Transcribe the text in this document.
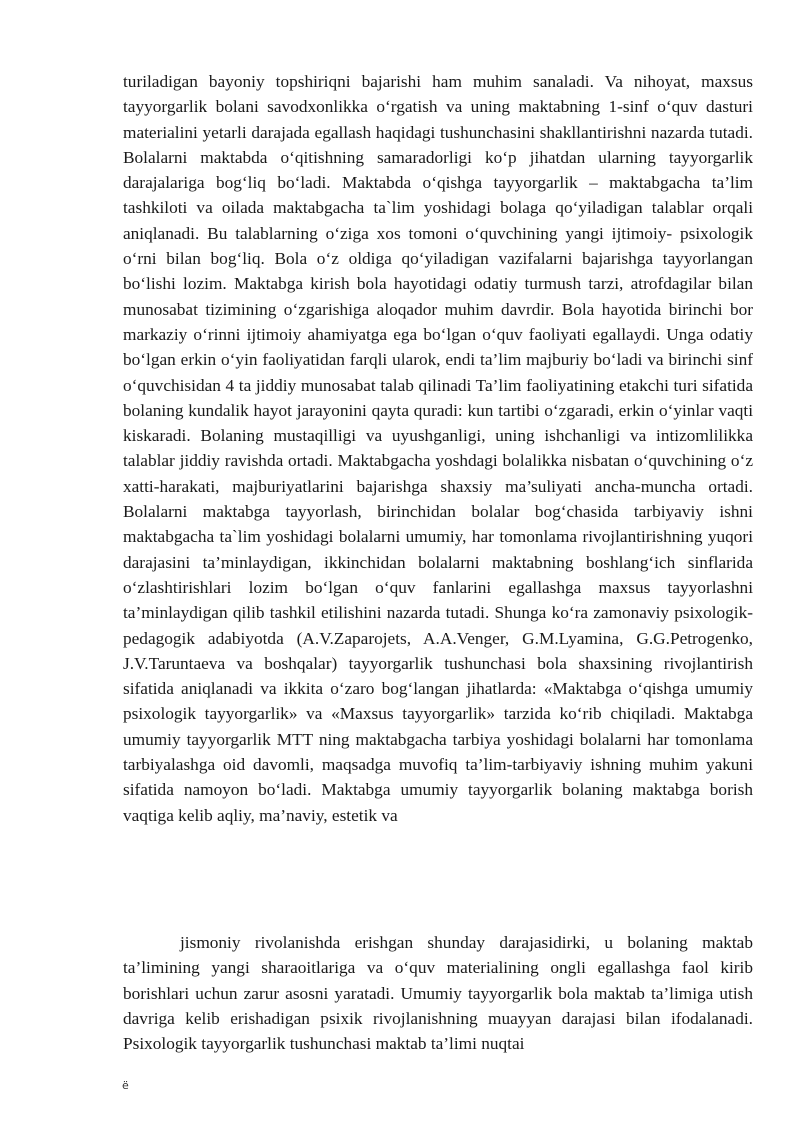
turiladigan bayoniy topshiriqni bajarishi ham muhim sanaladi. Va nihoyat, maxsus tayyorgarlik bolani savodxonlikka o‘rgatish va uning maktabning 1-sinf o‘quv dasturi materialini yetarli darajada egallash haqidagi tushunchasini shakllantirishni nazarda tutadi. Bolalarni maktabda o‘qitishning samaradorligi ko‘p jihatdan ularning tayyorgarlik darajalariga bog‘liq bo‘ladi. Maktabda o‘qishga tayyorgarlik – maktabgacha ta’lim tashkiloti va oilada maktabgacha ta`lim yoshidagi bolaga qo‘yiladigan talablar orqali aniqlanadi. Bu talablarning o‘ziga xos tomoni o‘quvchining yangi ijtimoiy- psixologik o‘rni bilan bog‘liq. Bola o‘z oldiga qo‘yiladigan vazifalarni bajarishga tayyorlangan bo‘lishi lozim. Maktabga kirish bola hayotidagi odatiy turmush tarzi, atrofdagilar bilan munosabat tizimining o‘zgarishiga aloqador muhim davrdir. Bola hayotida birinchi bor markaziy o‘rinni ijtimoiy ahamiyatga ega bo‘lgan o‘quv faoliyati egallaydi. Unga odatiy bo‘lgan erkin o‘yin faoliyatidan farqli ularok, endi ta’lim majburiy bo‘ladi va birinchi sinf o‘quvchisidan 4 ta jiddiy munosabat talab qilinadi Ta’lim faoliyatining etakchi turi sifatida bolaning kundalik hayot jarayonini qayta quradi: kun tartibi o‘zgaradi, erkin o‘yinlar vaqti kiskaradi. Bolaning mustaqilligi va uyushganligi, uning ishchanligi va intizomlilikka talablar jiddiy ravishda ortadi. Maktabgacha yoshdagi bolalikka nisbatan o‘quvchining o‘z xatti-harakati, majburiyatlarini bajarishga shaxsiy ma’suliyati ancha-muncha ortadi. Bolalarni maktabga tayyorlash, birinchidan bolalar bog‘chasida tarbiyaviy ishni maktabgacha ta`lim yoshidagi bolalarni umumiy, har tomonlama rivojlantirishning yuqori darajasini ta’minlaydigan, ikkinchidan bolalarni maktabning boshlang‘ich sinflarida o‘zlashtirishlari lozim bo‘lgan o‘quv fanlarini egallashga maxsus tayyorlashni ta’minlaydigan qilib tashkil etilishini nazarda tutadi. Shunga ko‘ra zamonaviy psixologik-pedagogik adabiyotda (A.V.Zaparojets, A.A.Venger, G.M.Lyamina, G.G.Petrogenko, J.V.Taruntaeva va boshqalar) tayyorgarlik tushunchasi bola shaxsining rivojlantirish sifatida aniqlanadi va ikkita o‘zaro bog‘langan jihatlarda: «Maktabga o‘qishga umumiy psixologik tayyorgarlik» va «Maxsus tayyorgarlik» tarzida ko‘rib chiqiladi. Maktabga umumiy tayyorgarlik MTT ning maktabgacha tarbiya yoshidagi bolalarni har tomonlama tarbiyalashga oid davomli, maqsadga muvofiq ta’lim-tarbiyaviy ishning muhim yakuni sifatida namoyon bo‘ladi. Maktabga umumiy tayyorgarlik bolaning maktabga borish vaqtiga kelib aqliy, ma’naviy, estetik va

jismoniy rivolanishda erishgan shunday darajasidirki, u bolaning maktab ta’limining yangi sharaoitlariga va o‘quv materialining ongli egallashga faol kirib borishlari uchun zarur asosni yaratadi. Umumiy tayyorgarlik bola maktab ta’limiga utish davriga kelib erishadigan psixik rivojlanishning muayyan darajasi bilan ifodalanadi. Psixologik tayyorgarlik tushunchasi maktab ta’limi nuqtai

ë
